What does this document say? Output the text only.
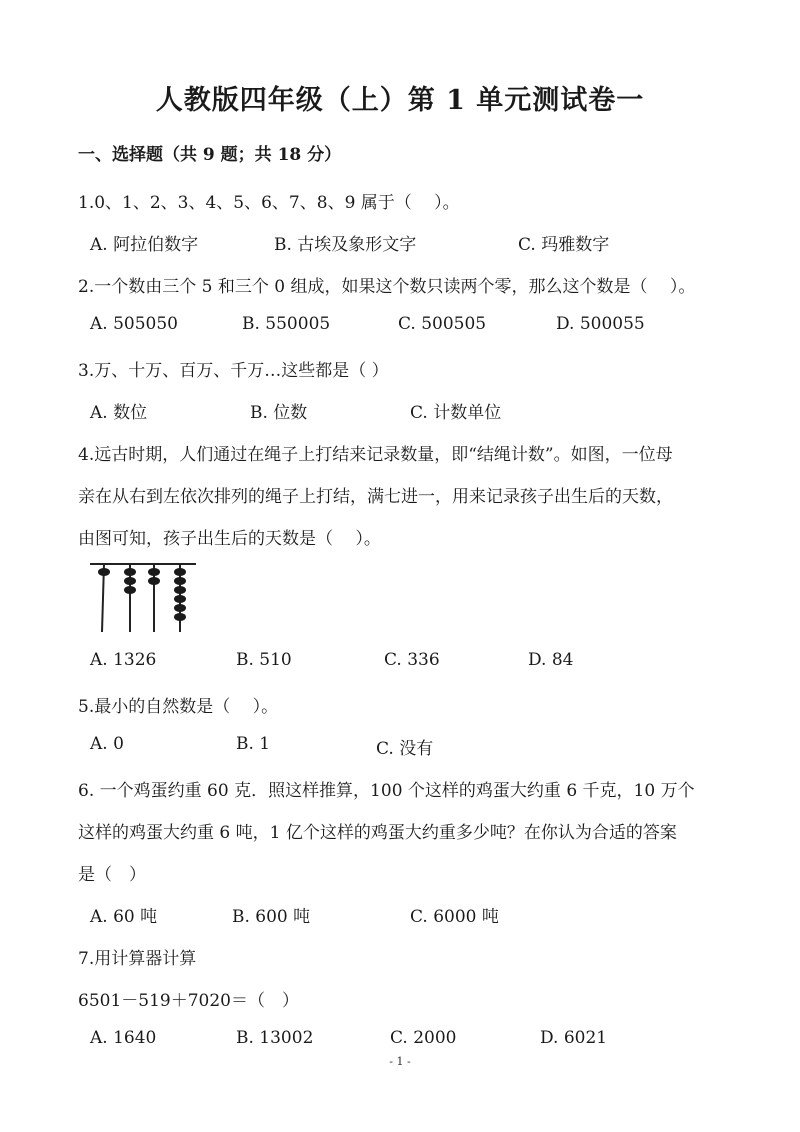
人教版四年级（上）第 1 单元测试卷一
一、选择题（共 9 题；共 18 分）
1.0、1、2、3、4、5、6、7、8、9 属于（　 ）。
A. 阿拉伯数字	B. 古埃及象形文字	C. 玛雅数字
2.一个数由三个 5 和三个 0 组成，如果这个数只读两个零，那么这个数是（　 ）。
A. 505050	B. 550005	C. 500505	D. 500055
3.万、十万、百万、千万…这些都是（ ）
A. 数位	B. 位数	C. 计数单位
4.远古时期，人们通过在绳子上打结来记录数量，即“结绳计数”。如图，一位母
亲在从右到左依次排列的绳子上打结，满七进一，用来记录孩子出生后的天数，
由图可知，孩子出生后的天数是（　 ）。
A. 1326	B. 510	C. 336	D. 84
5.最小的自然数是（　 ）。
A. 0	B. 1	C. 没有
6. 一个鸡蛋约重 60 克．照这样推算，100 个这样的鸡蛋大约重 6 千克，10 万个
这样的鸡蛋大约重 6 吨，1 亿个这样的鸡蛋大约重多少吨？在你认为合适的答案
是（　）
A. 60 吨	B. 600 吨	C. 6000 吨
7.用计算器计算
6501－519＋7020＝（　）
A. 1640	B. 13002	C. 2000	D. 6021
- 1 -
